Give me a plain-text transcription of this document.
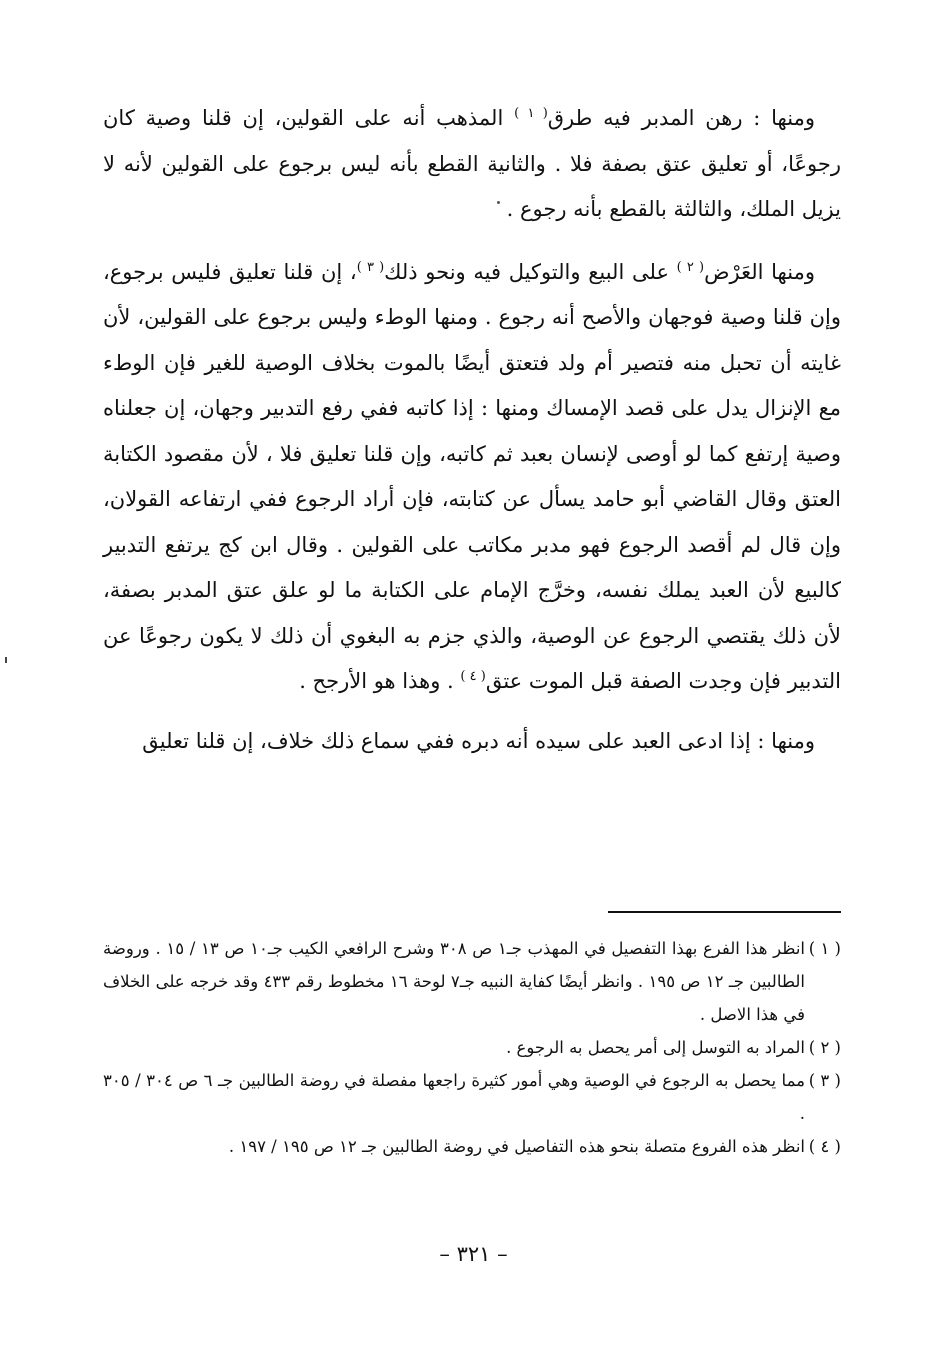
ومنها : رهن المدبر فيه طرق$^{( ١ )}$ المذهب أنه على القولين، إن قلنا وصية كان رجوعًا، أو تعليق عتق بصفة فلا . والثانية القطع بأنه ليس برجوع على القولين لأنه لا يزيل الملك، والثالثة بالقطع بأنه رجوع .

ومنها العَرْض$^{( ٢ )}$ على البيع والتوكيل فيه ونحو ذلك$^{( ٣ )}$، إن قلنا تعليق فليس برجوع، وإن قلنا وصية فوجهان والأصح أنه رجوع . ومنها الوطء وليس برجوع على القولين، لأن غايته أن تحبل منه فتصير أم ولد فتعتق أيضًا بالموت بخلاف الوصية للغير فإن الوطء مع الإنزال يدل على قصد الإمساك ومنها : إذا كاتبه ففي رفع التدبير وجهان، إن جعلناه وصية إرتفع كما لو أوصى لإنسان بعبد ثم كاتبه، وإن قلنا تعليق فلا ، لأن مقصود الكتابة العتق وقال القاضي أبو حامد يسأل عن كتابته، فإن أراد الرجوع ففي ارتفاعه القولان، وإن قال لم أقصد الرجوع فهو مدبر مكاتب على القولين . وقال ابن كج يرتفع التدبير كالبيع لأن العبد يملك نفسه، وخرَّج الإمام على الكتابة ما لو علق عتق المدبر بصفة، لأن ذلك يقتصي الرجوع عن الوصية، والذي جزم به البغوي أن ذلك لا يكون رجوعًا عن التدبير فإن وجدت الصفة قبل الموت عتق$^{( ٤ )}$ . وهذا هو الأرجح .

ومنها : إذا ادعى العبد على سيده أنه دبره ففي سماع ذلك خلاف، إن قلنا تعليق

( ١ )انظر هذا الفرع بهذا التفصيل في المهذب جـ١ ص ٣٠٨ وشرح الرافعي الكيب جـ١٠ ص ١٣ / ١٥ . وروضة الطالبين جـ ١٢ ص ١٩٥ . وانظر أيضًا كفاية النبيه جـ٧ لوحة ١٦ مخطوط رقم ٤٣٣ وقد خرجه على الخلاف في هذا الاصل .

( ٢ )المراد به التوسل إلى أمر يحصل به الرجوع .

( ٣ )مما يحصل به الرجوع في الوصية وهي أمور كثيرة راجعها مفصلة في روضة الطالبين جـ ٦ ص ٣٠٤ / ٣٠٥ .

( ٤ )انظر هذه الفروع متصلة بنحو هذه التفاصيل في روضة الطالبين جـ ١٢ ص ١٩٥ / ١٩٧ .

– ٣٢١ –
